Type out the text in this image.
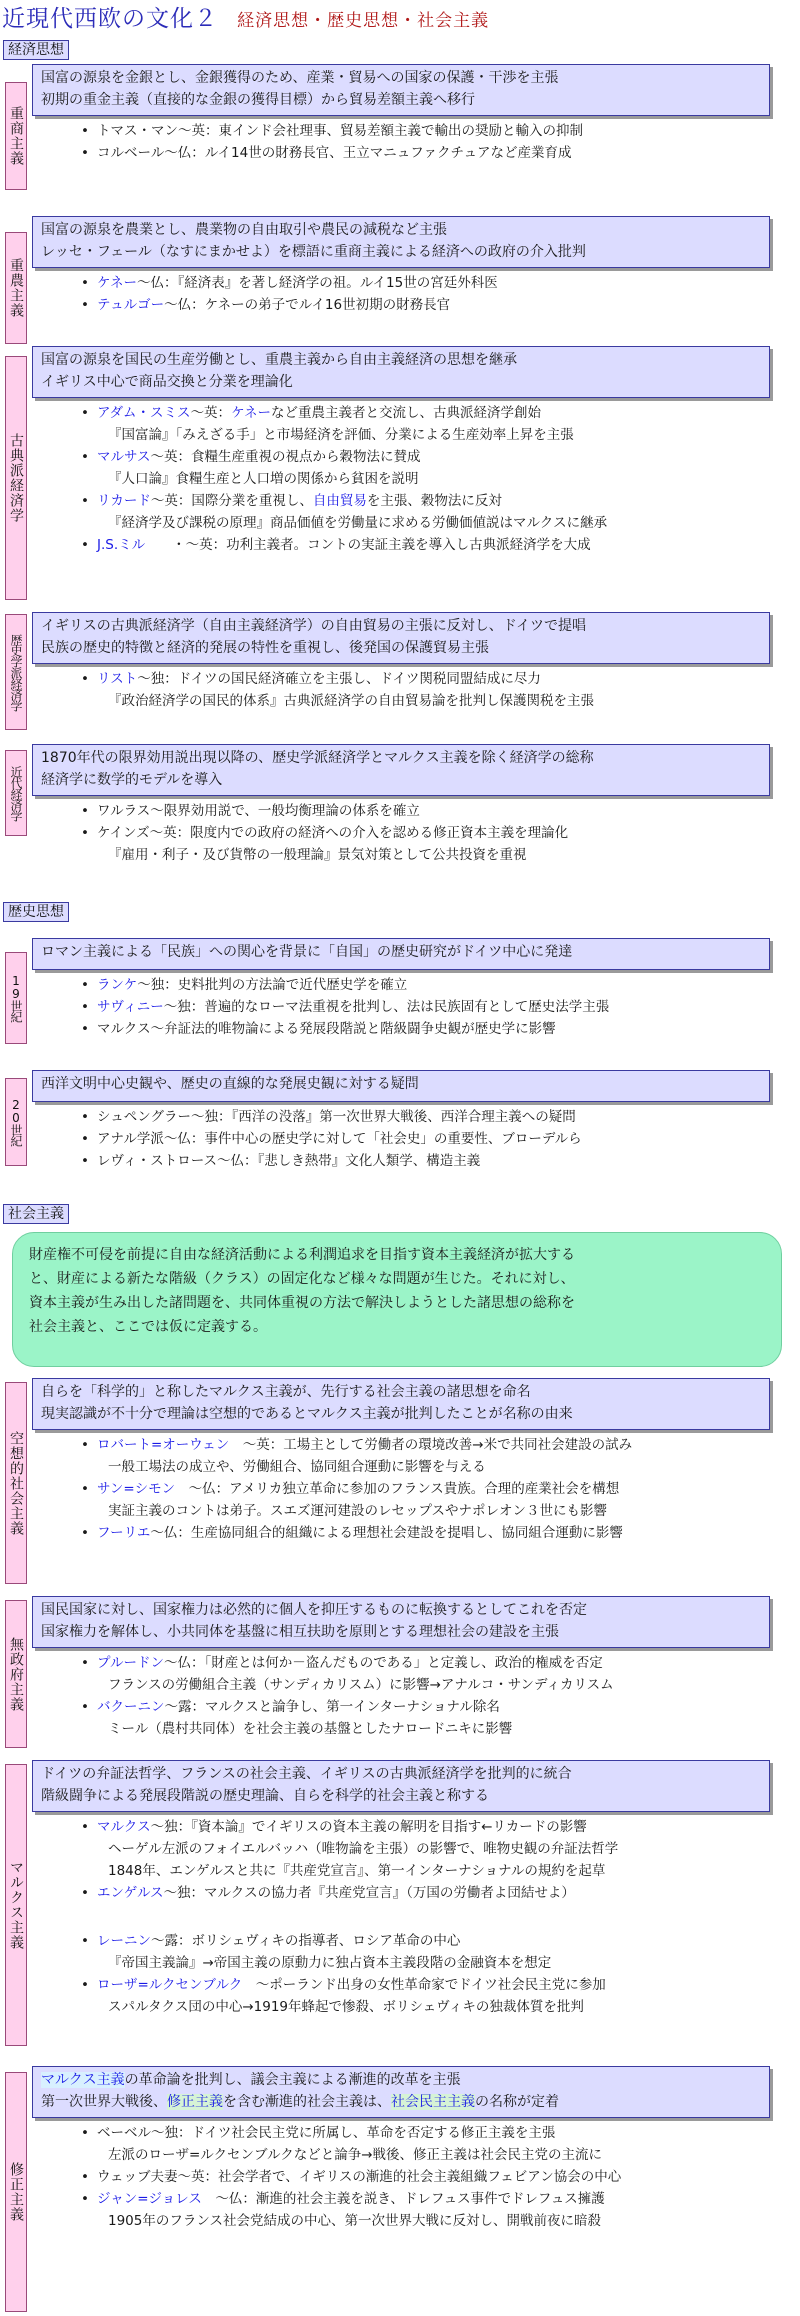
近現代西欧の文化２ 経済思想・歴史思想・社会主義
経済思想
重商主義
国富の源泉を金銀とし、金銀獲得のため、産業・貿易への国家の保護・干渉を主張
初期の重金主義（直接的な金銀の獲得目標）から貿易差額主義へ移行
• トマス・マン～英：東インド会社理事、貿易差額主義で輸出の奨励と輸入の抑制
• コルベール～仏：ルイ14世の財務長官、王立マニュファクチュアなど産業育成
重農主義
国富の源泉を農業とし、農業物の自由取引や農民の減税など主張
レッセ・フェール（なすにまかせよ）を標語に重商主義による経済への政府の介入批判
• ケネー～仏：『経済表』を著し経済学の祖。ルイ15世の宮廷外科医
• テュルゴー～仏：ケネーの弟子でルイ16世初期の財務長官
古典派経済学
国富の源泉を国民の生産労働とし、重農主義から自由主義経済の思想を継承
イギリス中心で商品交換と分業を理論化
• アダム・スミス～英：ケネーなど重農主義者と交流し、古典派経済学創始
『国富論』「みえざる手」と市場経済を評価、分業による生産効率上昇を主張
• マルサス～英：食糧生産重視の視点から穀物法に賛成
『人口論』食糧生産と人口増の関係から貧困を説明
• リカード～英：国際分業を重視し、自由貿易を主張、穀物法に反対
『経済学及び課税の原理』商品価値を労働量に求める労働価値説はマルクスに継承
• J.S.ミル　　・～英：功利主義者。コントの実証主義を導入し古典派経済学を大成
歴史学派経済学
イギリスの古典派経済学（自由主義経済学）の自由貿易の主張に反対し、ドイツで提唱
民族の歴史的特徴と経済的発展の特性を重視し、後発国の保護貿易主張
• リスト～独：ドイツの国民経済確立を主張し、ドイツ関税同盟結成に尽力
『政治経済学の国民的体系』古典派経済学の自由貿易論を批判し保護関税を主張
近代経済学
1870年代の限界効用説出現以降の、歴史学派経済学とマルクス主義を除く経済学の総称
経済学に数学的モデルを導入
• ワルラス～限界効用説で、一般均衡理論の体系を確立
• ケインズ～英：限度内での政府の経済への介入を認める修正資本主義を理論化
『雇用・利子・及び貨幣の一般理論』景気対策として公共投資を重視
歴史思想
19世紀
ロマン主義による「民族」への関心を背景に「自国」の歴史研究がドイツ中心に発達
• ランケ～独：史料批判の方法論で近代歴史学を確立
• サヴィニー～独：普遍的なローマ法重視を批判し、法は民族固有として歴史法学主張
• マルクス～弁証法的唯物論による発展段階説と階級闘争史観が歴史学に影響
20世紀
西洋文明中心史観や、歴史の直線的な発展史観に対する疑問
• シュペングラー～独：『西洋の没落』第一次世界大戦後、西洋合理主義への疑問
• アナル学派～仏：事件中心の歴史学に対して「社会史」の重要性、ブローデルら
• レヴィ・ストロース～仏：『悲しき熱帯』文化人類学、構造主義
社会主義
財産権不可侵を前提に自由な経済活動による利潤追求を目指す資本主義経済が拡大する
と、財産による新たな階級（クラス）の固定化など様々な問題が生じた。それに対し、
資本主義が生み出した諸問題を、共同体重視の方法で解決しようとした諸思想の総称を
社会主義と、ここでは仮に定義する。
空想的社会主義
自らを「科学的」と称したマルクス主義が、先行する社会主義の諸思想を命名
現実認識が不十分で理論は空想的であるとマルクス主義が批判したことが名称の由来
• ロバート=オーウェン　～英：工場主として労働者の環境改善→米で共同社会建設の試み
一般工場法の成立や、労働組合、協同組合運動に影響を与える
• サン=シモン　～仏：アメリカ独立革命に参加のフランス貴族。合理的産業社会を構想
実証主義のコントは弟子。スエズ運河建設のレセップスやナポレオン３世にも影響
• フーリエ～仏：生産協同組合的組織による理想社会建設を提唱し、協同組合運動に影響
無政府主義
国民国家に対し、国家権力は必然的に個人を抑圧するものに転換するとしてこれを否定
国家権力を解体し、小共同体を基盤に相互扶助を原則とする理想社会の建設を主張
• プルードン～仏：「財産とは何か－盗んだものである」と定義し、政治的権威を否定
フランスの労働組合主義（サンディカリスム）に影響→アナルコ・サンディカリスム
• バクーニン～露：マルクスと論争し、第一インターナショナル除名
ミール（農村共同体）を社会主義の基盤としたナロードニキに影響
マルクス主義
ドイツの弁証法哲学、フランスの社会主義、イギリスの古典派経済学を批判的に統合
階級闘争による発展段階説の歴史理論、自らを科学的社会主義と称する
• マルクス～独：『資本論』でイギリスの資本主義の解明を目指す←リカードの影響
ヘーゲル左派のフォイエルバッハ（唯物論を主張）の影響で、唯物史観の弁証法哲学
1848年、エンゲルスと共に『共産党宣言』、第一インターナショナルの規約を起草
• エンゲルス～独：マルクスの協力者『共産党宣言』（万国の労働者よ団結せよ）
• レーニン～露：ボリシェヴィキの指導者、ロシア革命の中心
『帝国主義論』→帝国主義の原動力に独占資本主義段階の金融資本を想定
• ローザ=ルクセンブルク　～ポーランド出身の女性革命家でドイツ社会民主党に参加
スパルタクス団の中心→1919年蜂起で惨殺、ボリシェヴィキの独裁体質を批判
修正主義
マルクス主義の革命論を批判し、議会主義による漸進的改革を主張
第一次世界大戦後、修正主義を含む漸進的社会主義は、社会民主主義の名称が定着
• ベーベル～独：ドイツ社会民主党に所属し、革命を否定する修正主義を主張
左派のローザ=ルクセンブルクなどと論争→戦後、修正主義は社会民主党の主流に
• ウェッブ夫妻～英：社会学者で、イギリスの漸進的社会主義組織フェビアン協会の中心
• ジャン=ジョレス　～仏：漸進的社会主義を説き、ドレフュス事件でドレフュス擁護
1905年のフランス社会党結成の中心、第一次世界大戦に反対し、開戦前夜に暗殺
